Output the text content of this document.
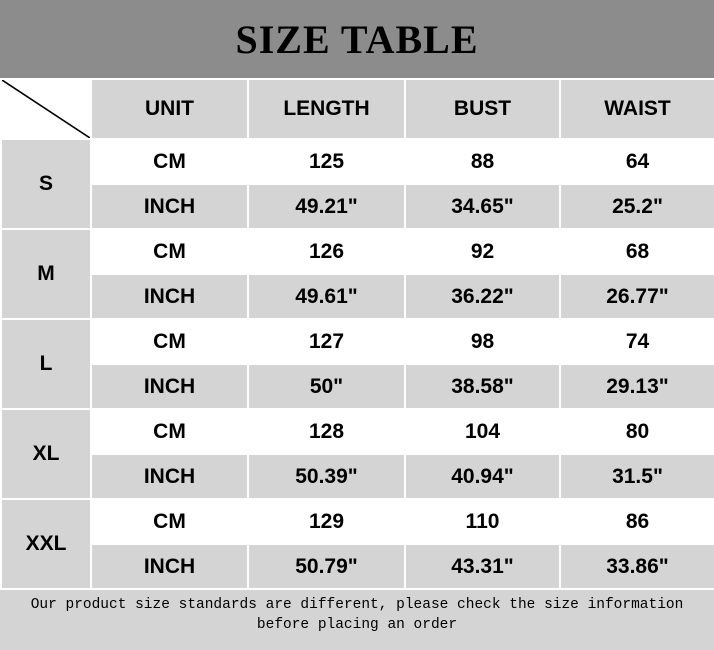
SIZE TABLE
	UNIT	LENGTH	BUST	WAIST
S	CM	125	88	64
	INCH	49.21"	34.65"	25.2"
M	CM	126	92	68
	INCH	49.61"	36.22"	26.77"
L	CM	127	98	74
	INCH	50"	38.58"	29.13"
XL	CM	128	104	80
	INCH	50.39"	40.94"	31.5"
XXL	CM	129	110	86
	INCH	50.79"	43.31"	33.86"
Our product size standards are different, please check the size information
before placing an order
